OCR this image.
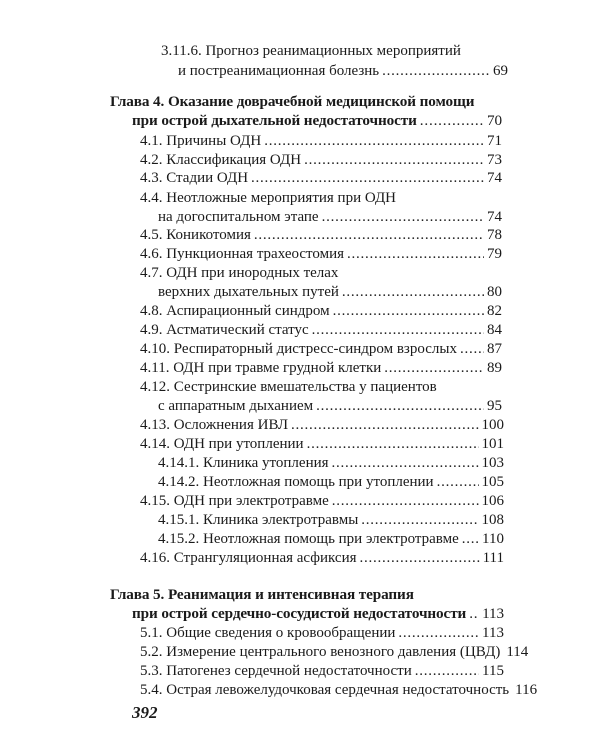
3.11.6. Прогноз реанимационных мероприятий
и постреанимационная болезнь . . .	69
Глава 4. Оказание доврачебной медицинской помощи
при острой дыхательной недостаточности . . .	70
4.1. Причины ОДН . . .	71
4.2. Классификация ОДН . . .	73
4.3. Стадии ОДН . . .	74
4.4. Неотложные мероприятия при ОДН
на догоспитальном этапе . . .	74
4.5. Коникотомия . . .	78
4.6. Пункционная трахеостомия . . .	79
4.7. ОДН при инородных телах
верхних дыхательных путей . . .	80
4.8. Аспирационный синдром . . .	82
4.9. Астматический статус . . .	84
4.10. Респираторный дистресс-синдром взрослых . . . 87
4.11. ОДН при травме грудной клетки . . .	89
4.12. Сестринские вмешательства у пациентов
с аппаратным дыханием . . .	95
4.13. Осложнения ИВЛ . . .	100
4.14. ОДН при утоплении . . .	101
4.14.1. Клиника утопления . . .	103
4.14.2. Неотложная помощь при утоплении . . .	105
4.15. ОДН при электротравме . . .	106
4.15.1. Клиника электротравмы . . .	108
4.15.2. Неотложная помощь при электротравме . . . 110
4.16. Странгуляционная асфиксия . . .	111
Глава 5. Реанимация и интенсивная терапия
при острой сердечно-сосудистой недостаточности . . . 113
5.1. Общие сведения о кровообращении . . .	113
5.2. Измерение центрального венозного давления (ЦВД) 114
5.3. Патогенез сердечной недостаточности . . .	115
5.4. Острая левожелудочковая сердечная недостаточность 116
392
